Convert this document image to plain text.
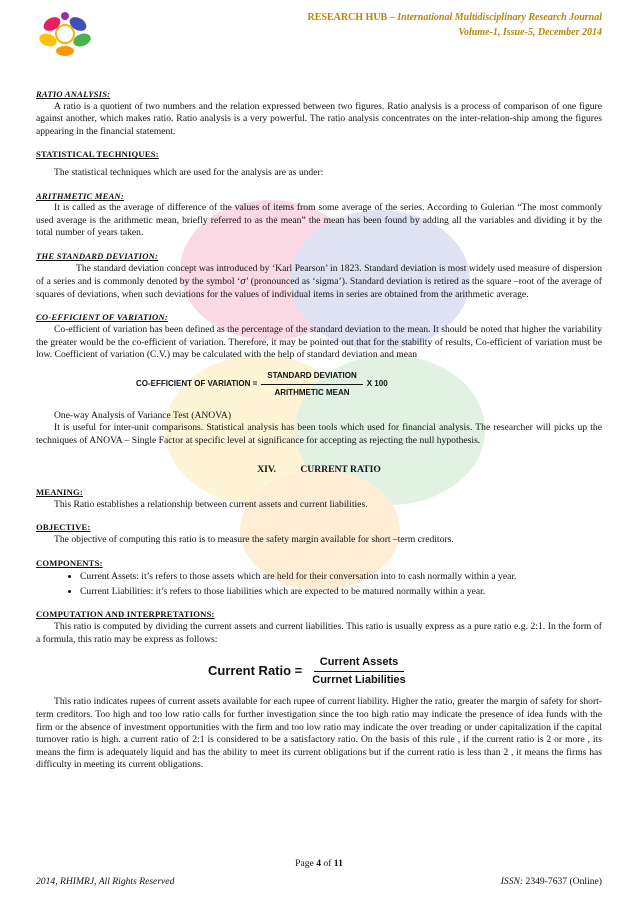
RESEARCH HUB – International Multidisciplinary Research Journal
Volume-1, Issue-5, December 2014
RATIO ANALYSIS:

A ratio is a quotient of two numbers and the relation expressed between two figures. Ratio analysis is a process of comparison of one figure against another, which makes ratio. Ratio analysis is a very powerful. The ratio analysis concentrates on the inter-relation-ship among the figures appearing in the financial statement.

STATISTICAL TECHNIQUES:

The statistical techniques which are used for the analysis are as under:

ARITHMETIC MEAN:

It is called as the average of difference of the values of items from some average of the series. According to Gulerian “The most commonly used average is the arithmetic mean, briefly referred to as the mean” the mean has been found by adding all the variables and dividing it by the total number of years taken.

THE STANDARD DEVIATION:

The standard deviation concept was introduced by ‘Karl Pearson’ in 1823. Standard deviation is most widely used measure of dispersion of a series and is commonly denoted by the symbol ‘σ’ (pronounced as ‘sigma’). Standard deviation is retired as the square –root of the average of squares of deviations, when such deviations for the values of individual items in series are obtained from the arithmetic average.

CO-EFFICIENT OF VARIATION:

Co-efficient of variation has been defined as the percentage of the standard deviation to the mean. It should be noted that higher the variability the greater would be the co-efficient of variation. Therefore, it may be pointed out that for the stability of results, Co-efficient of variation must be low. Coefficient of variation (C.V.) may be calculated with the help of standard deviation and mean

CO-EFFICIENT OF VARIATION = $\frac{\text{STANDARD DEVIATION}}{\text{ARITHMETIC MEAN}}$ X 100

One-way Analysis of Variance Test (ANOVA)

It is useful for inter-unit comparisons. Statistical analysis has been tools which used for financial analysis. The researcher will picks up the techniques of ANOVA – Single Factor at specific level at significance for accepting as rejecting the null hypothesis.

XIV.	CURRENT RATIO
MEANING:

This Ratio establishes a relationship between current assets and current liabilities.

OBJECTIVE:

The objective of computing this ratio is to measure the safety margin available for short –term creditors.

COMPONENTS:
• Current Assets: it’s refers to those assets which are held for their conversation into to cash normally within a year.
• Current Liabilities: it’s refers to those liabilities which are expected to be matured normally within a year.
COMPUTATION AND INTERPRETATIONS:

This ratio is computed by dividing the current assets and current liabilities. This ratio is usually express as a pure ratio e.g. 2:1. In the form of a formula, this ratio may be express as follows:

Current Ratio = $\frac{\text{Current Assets}}{\text{Currnet Liabilities}}$

This ratio indicates rupees of current assets available for each rupee of current liability. Higher the ratio, greater the margin of safety for short-term creditors. Too high and too low ratio calls for further investigation since the too high ratio may indicate the presence of idea funds with the firm or the absence of investment opportunities with the firm and too low ratio may indicate the over treading or under capitalization if the capital turnover ratio is high. a current ratio of 2:1 is considered to be a satisfactory ratio. On the basis of this rule , if the current ratio is 2 or more , its means the firm is adequately liquid and has the ability to meet its current obligations but if the current ratio is less than 2 , it means the firms has difficulty in meeting its current obligations.

Page 4 of 11
2014, RHIMRJ, All Rights Reserved	ISSN: 2349-7637 (Online)
